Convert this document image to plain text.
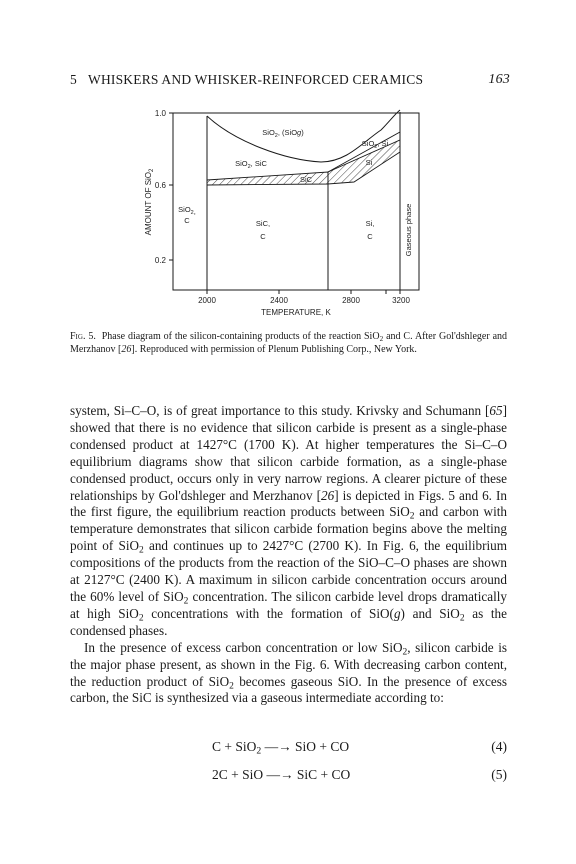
5 WHISKERS AND WHISKER-REINFORCED CERAMICS	163
1.0
0.6
0.2
AMOUNT OF SiO$_2$
2000	2400	2800	3200
TEMPERATURE, K
SiO$_2$, (SiOg)
SiO$_2$, SiC
SiO$_2$, Si
SiC
Si
SiO$_2$,
C	SiC,
C
Si,
C	Gaseous phase
Fig. 5. Phase diagram of the silicon-containing products of the reaction SiO$_2$ and C. After Gol'dshleger and Merzhanov [26]. Reproduced with permission of Plenum Publishing Corp., New York.

system, Si–C–O, is of great importance to this study. Krivsky and Schumann [65] showed that there is no evidence that silicon carbide is present as a single-phase condensed product at 1427°C (1700 K). At higher temperatures the Si–C–O equilibrium diagrams show that silicon carbide formation, as a single-phase condensed product, occurs only in very narrow regions. A clearer picture of these relationships by Gol'dshleger and Merzhanov [26] is depicted in Figs. 5 and 6. In the first figure, the equilibrium reaction products between SiO$_2$ and carbon with temperature demonstrates that silicon carbide formation begins above the melting point of SiO$_2$ and continues up to 2427°C (2700 K). In Fig. 6, the equilibrium compositions of the products from the reaction of the SiO–C–O phases are shown at 2127°C (2400 K). A maximum in silicon carbide concentration occurs around the 60% level of SiO$_2$ concentration. The silicon carbide level drops dramatically at high SiO$_2$ concentrations with the formation of SiO(g) and SiO$_2$ as the condensed phases.

In the presence of excess carbon concentration or low SiO$_2$, silicon carbide is the major phase present, as shown in the Fig. 6. With decreasing carbon content, the reduction product of SiO$_2$ becomes gaseous SiO. In the presence of excess carbon, the SiC is synthesized via a gaseous intermediate according to:

C + SiO$_2$ —→ SiO + CO	(4)
2C + SiO —→ SiC + CO	(5)
